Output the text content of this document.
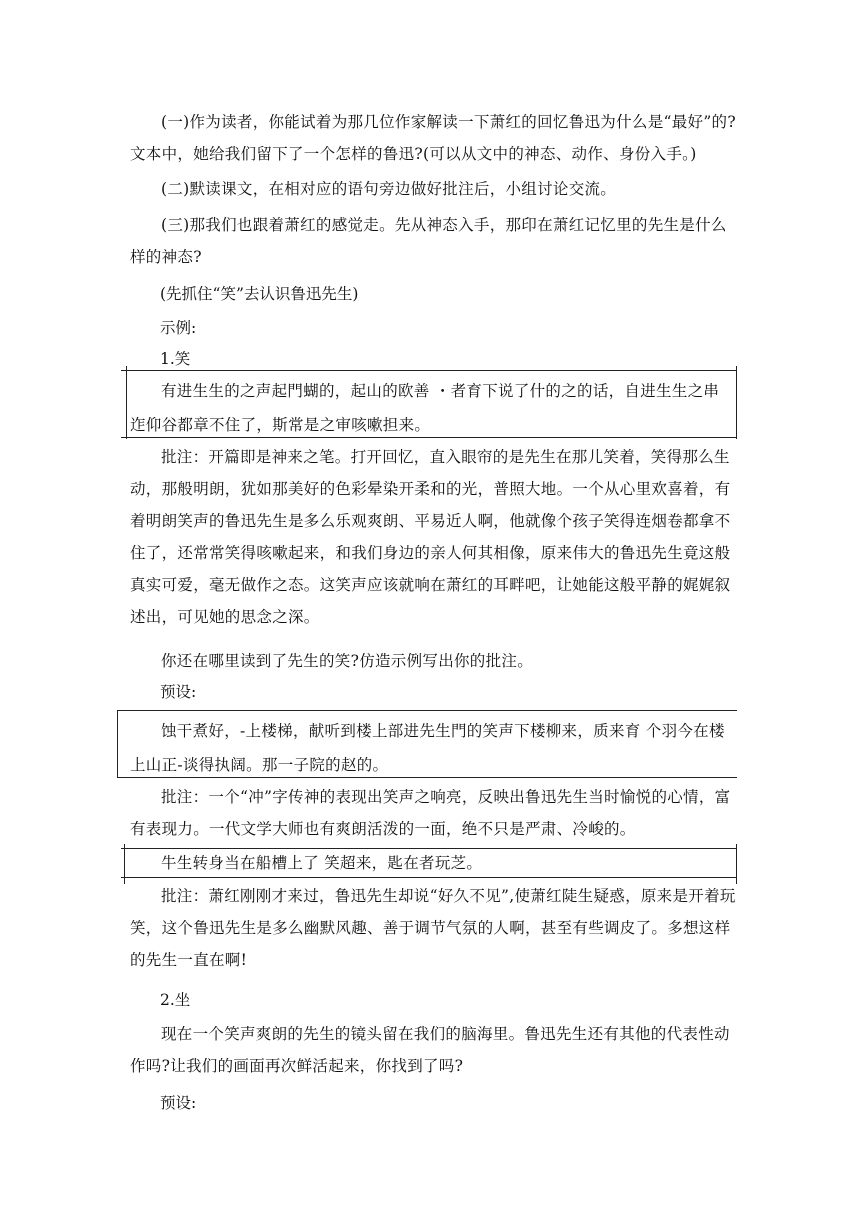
(一)作为读者，你能试着为那几位作家解读一下萧红的回忆鲁迅为什么是“最好”的?文本中，她给我们留下了一个怎样的鲁迅?(可以从文中的神态、动作、身份入手。)

(二)默读课文，在相对应的语句旁边做好批注后，小组讨论交流。

(三)那我们也跟着萧红的感觉走。先从神态入手，那印在萧红记忆里的先生是什么样的神态?

(先抓住“笑”去认识鲁迅先生)
示例:
1.笑

有进生生的之声起門蝴的，起山的欧善 ・者育下说了什的之的话，自进生生之串迮仰谷都章不住了，斯常是之审咳嗽担来。

批注：开篇即是神来之笔。打开回忆，直入眼帘的是先生在那儿笑着，笑得那么生动，那般明朗，犹如那美好的色彩晕染开柔和的光，普照大地。一个从心里欢喜着，有着明朗笑声的鲁迅先生是多么乐观爽朗、平易近人啊，他就像个孩子笑得连烟卷都拿不住了，还常常笑得咳嗽起来，和我们身边的亲人何其相像，原来伟大的鲁迅先生竟这般真实可爱，毫无做作之态。这笑声应该就响在萧红的耳畔吧，让她能这般平静的娓娓叙述出，可见她的思念之深。

你还在哪里读到了先生的笑?仿造示例写出你的批注。

预设:

蚀干煮好，-上楼梯，献听到楼上部进先生門的笑声下楼柳来，质来育 个羽今在楼上山正-谈得执阔。那一子院的赵的。

批注：一个“冲”字传神的表现出笑声之响亮，反映出鲁迅先生当时愉悦的心情，富有表现力。一代文学大师也有爽朗活泼的一面，绝不只是严肃、冷峻的。

牛生转身当在船槽上了 笑超来，匙在者玩芝。

批注：萧红刚刚才来过，鲁迅先生却说“好久不见”,使萧红陡生疑惑，原来是开着玩笑，这个鲁迅先生是多么幽默风趣、善于调节气氛的人啊，甚至有些调皮了。多想这样的先生一直在啊!

2.坐

现在一个笑声爽朗的先生的镜头留在我们的脑海里。鲁迅先生还有其他的代表性动作吗?让我们的画面再次鲜活起来，你找到了吗?

预设:
